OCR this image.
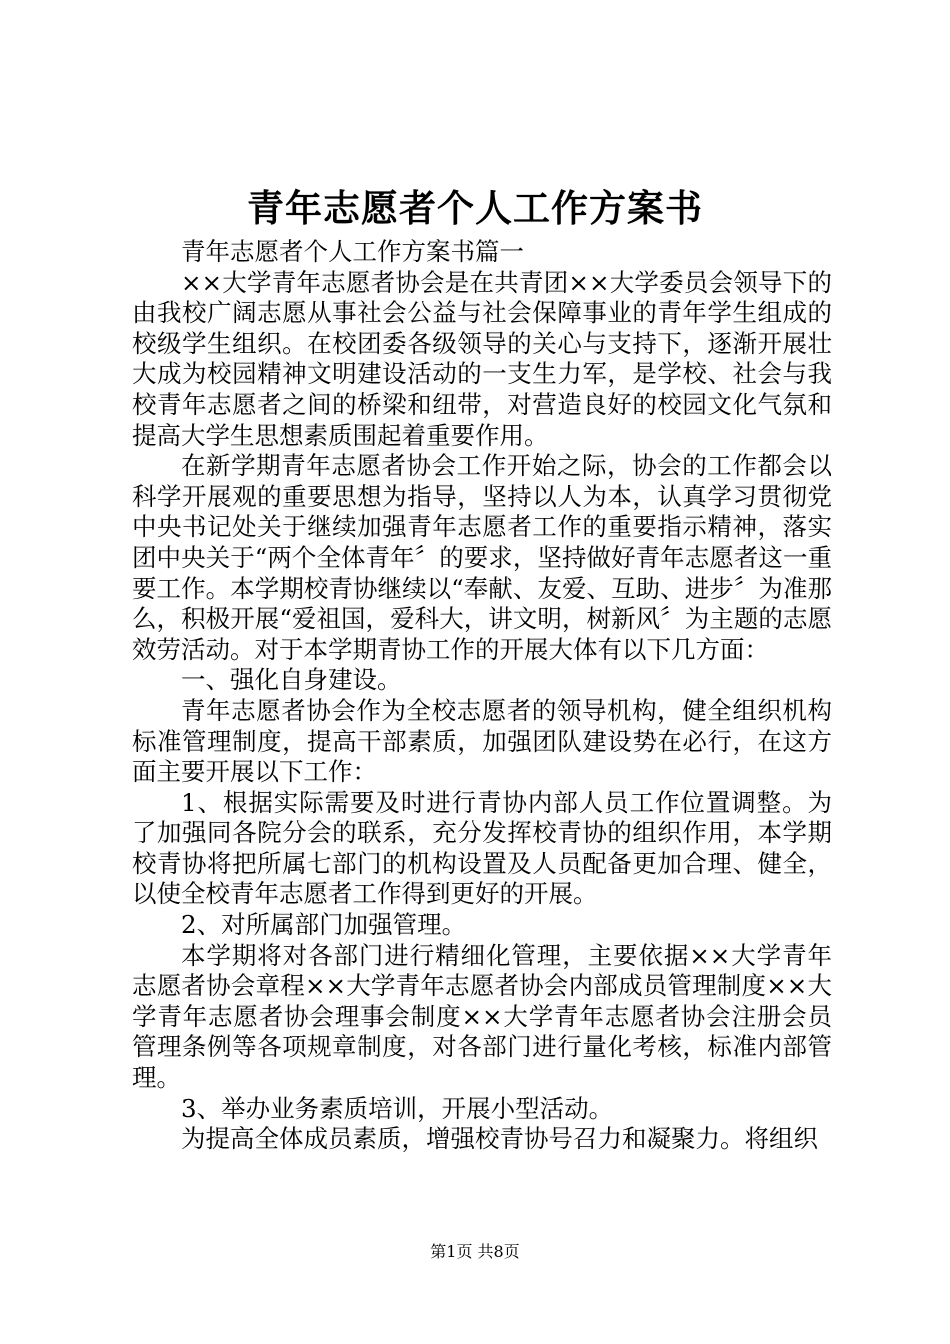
青年志愿者个人工作方案书

青年志愿者个人工作方案书篇一

××大学青年志愿者协会是在共青团××大学委员会领导下的由我校广阔志愿从事社会公益与社会保障事业的青年学生组成的校级学生组织。在校团委各级领导的关心与支持下，逐渐开展壮大成为校园精神文明建设活动的一支生力军，是学校、社会与我校青年志愿者之间的桥梁和纽带，对营造良好的校园文化气氛和提高大学生思想素质围起着重要作用。

在新学期青年志愿者协会工作开始之际，协会的工作都会以科学开展观的重要思想为指导，坚持以人为本，认真学习贯彻党中央书记处关于继续加强青年志愿者工作的重要指示精神，落实团中央关于“两个全体青年〞的要求，坚持做好青年志愿者这一重要工作。本学期校青协继续以“奉献、友爱、互助、进步〞为准那么，积极开展“爱祖国，爱科大，讲文明，树新风〞为主题的志愿效劳活动。对于本学期青协工作的开展大体有以下几方面：

一、强化自身建设。

青年志愿者协会作为全校志愿者的领导机构，健全组织机构标准管理制度，提高干部素质，加强团队建设势在必行，在这方面主要开展以下工作：

1、根据实际需要及时进行青协内部人员工作位置调整。为了加强同各院分会的联系，充分发挥校青协的组织作用，本学期校青协将把所属七部门的机构设置及人员配备更加合理、健全，以使全校青年志愿者工作得到更好的开展。

2、对所属部门加强管理。

本学期将对各部门进行精细化管理，主要依据××大学青年志愿者协会章程××大学青年志愿者协会内部成员管理制度××大学青年志愿者协会理事会制度××大学青年志愿者协会注册会员管理条例等各项规章制度，对各部门进行量化考核，标准内部管理。

3、举办业务素质培训，开展小型活动。

为提高全体成员素质，增强校青协号召力和凝聚力。将组织

第1页 共8页
